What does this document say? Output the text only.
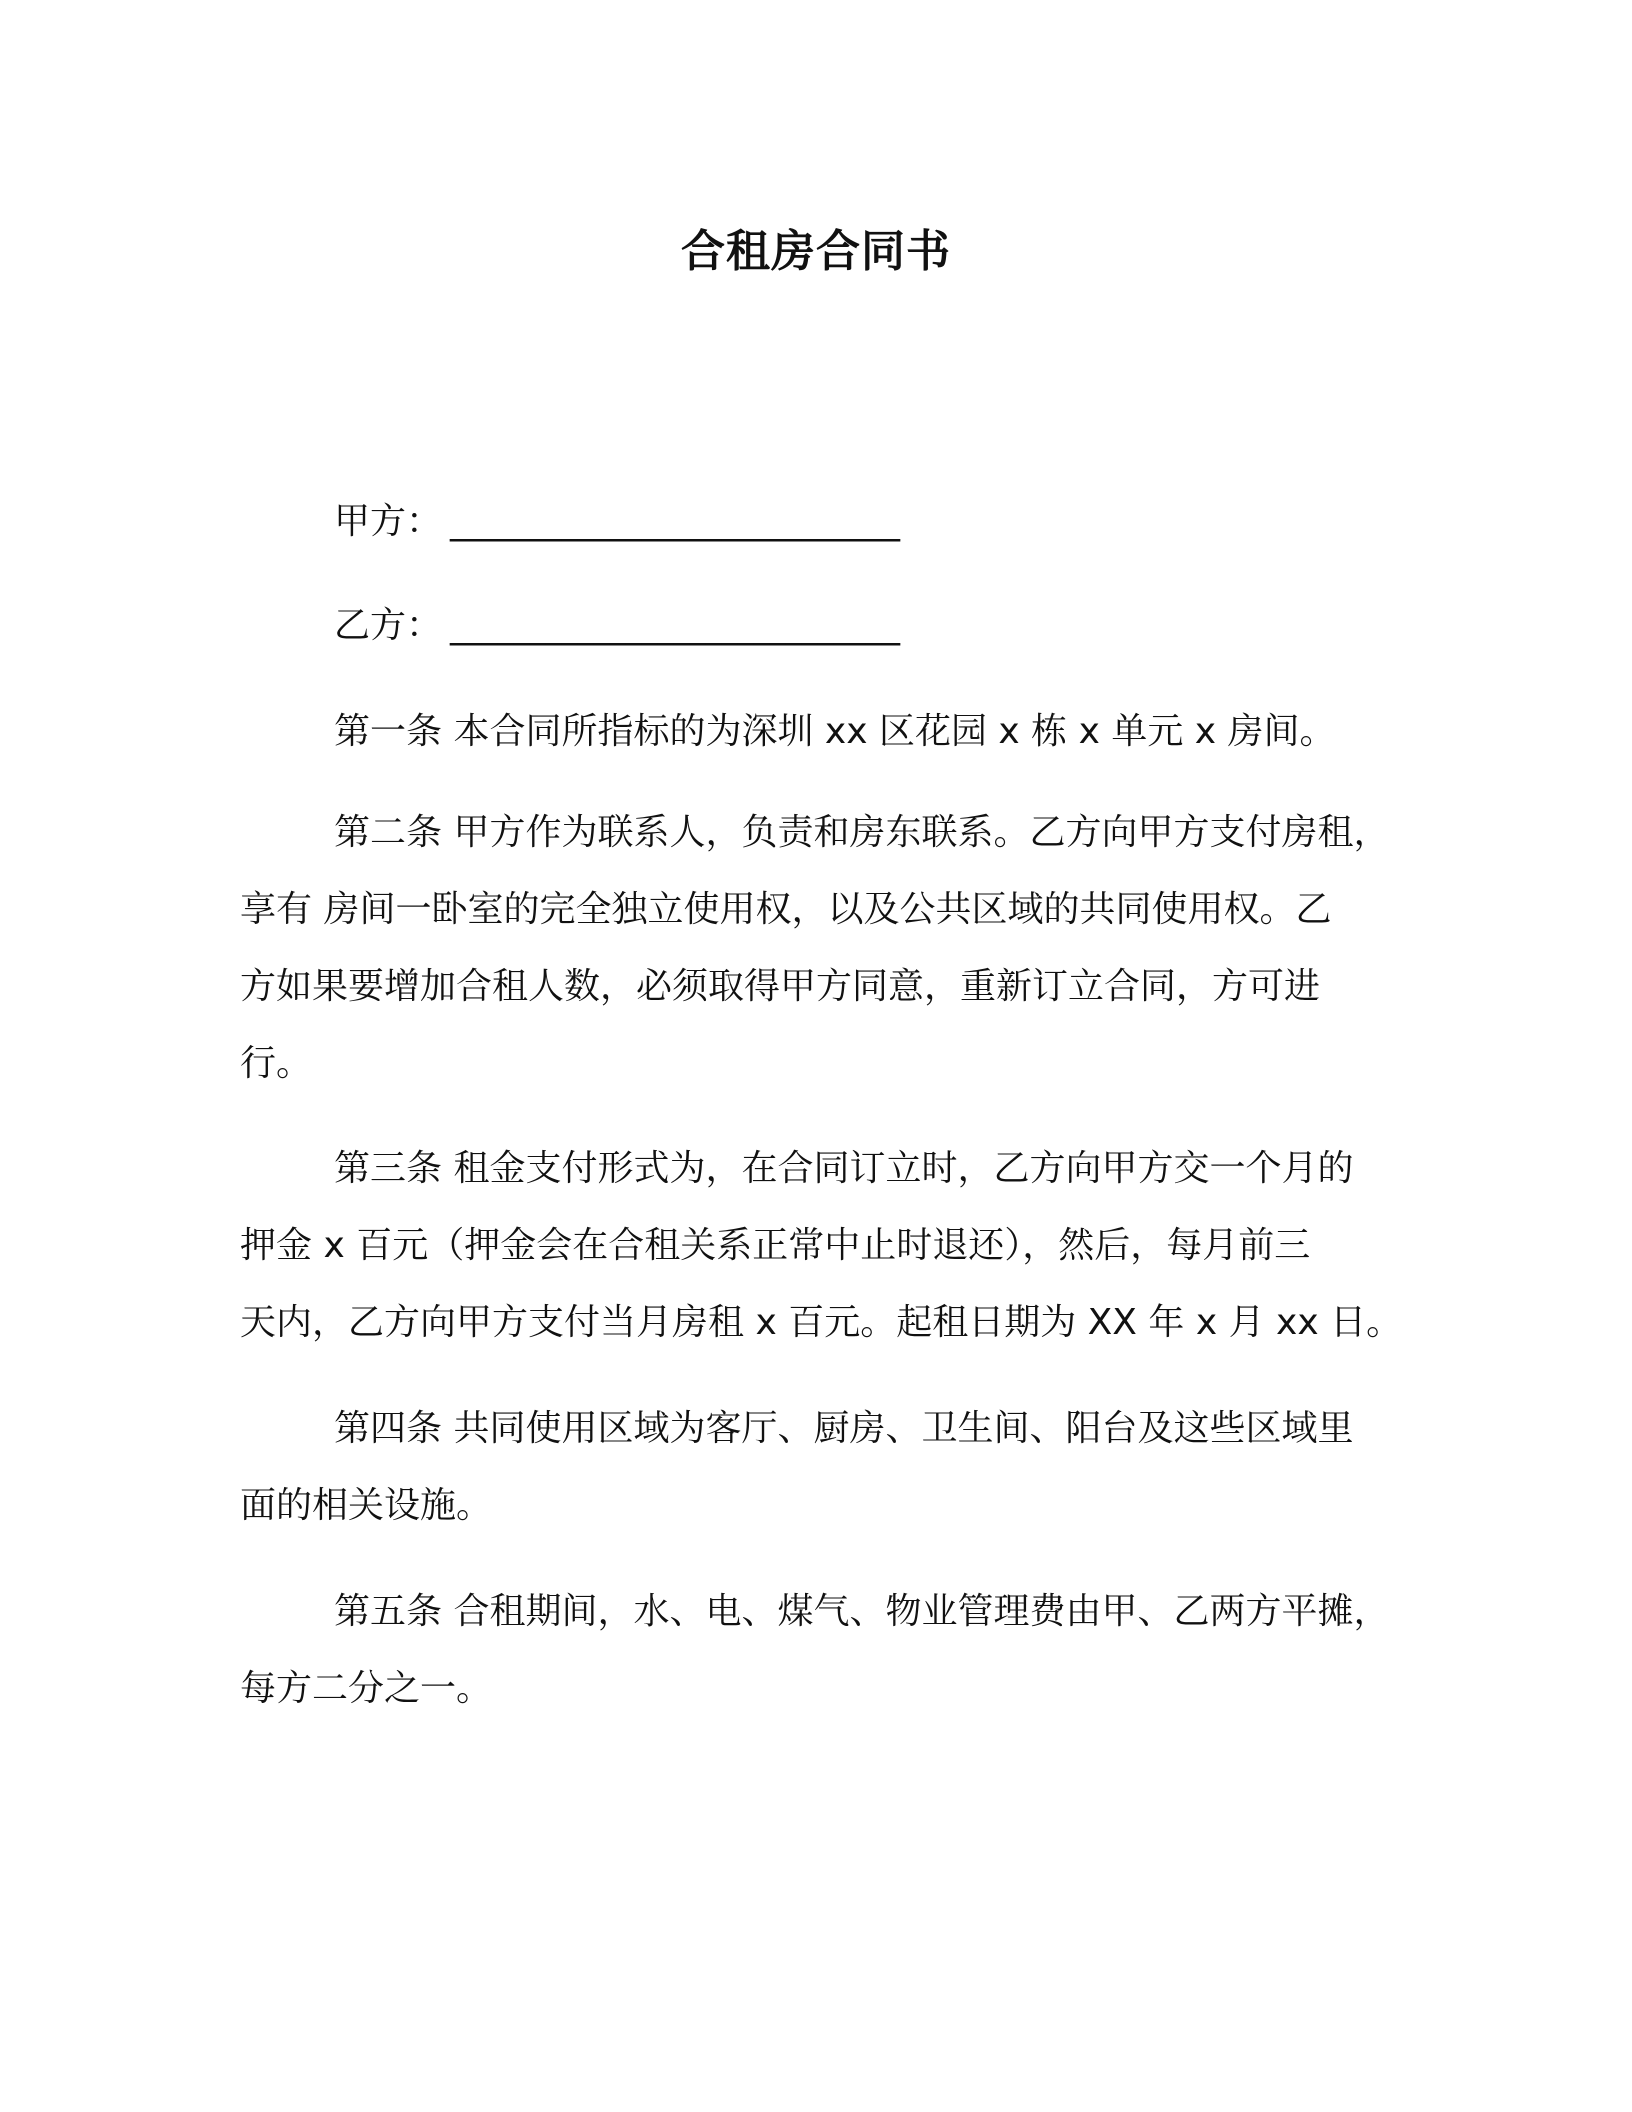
合租房合同书
甲方： ____________________________
乙方： ____________________________
第一条 本合同所指标的为深圳 xx 区花园 x 栋 x 单元 x 房间。
第二条 甲方作为联系人，负责和房东联系。乙方向甲方支付房租，
享有 房间一卧室的完全独立使用权，以及公共区域的共同使用权。乙
方如果要增加合租人数，必须取得甲方同意，重新订立合同，方可进
行。
第三条 租金支付形式为，在合同订立时，乙方向甲方交一个月的
押金 x 百元（押金会在合租关系正常中止时退还），然后，每月前三
天内，乙方向甲方支付当月房租 x 百元。起租日期为 XX 年 x 月 xx 日。
第四条 共同使用区域为客厅、厨房、卫生间、阳台及这些区域里
面的相关设施。
第五条 合租期间，水、电、煤气、物业管理费由甲、乙两方平摊，
每方二分之一。
